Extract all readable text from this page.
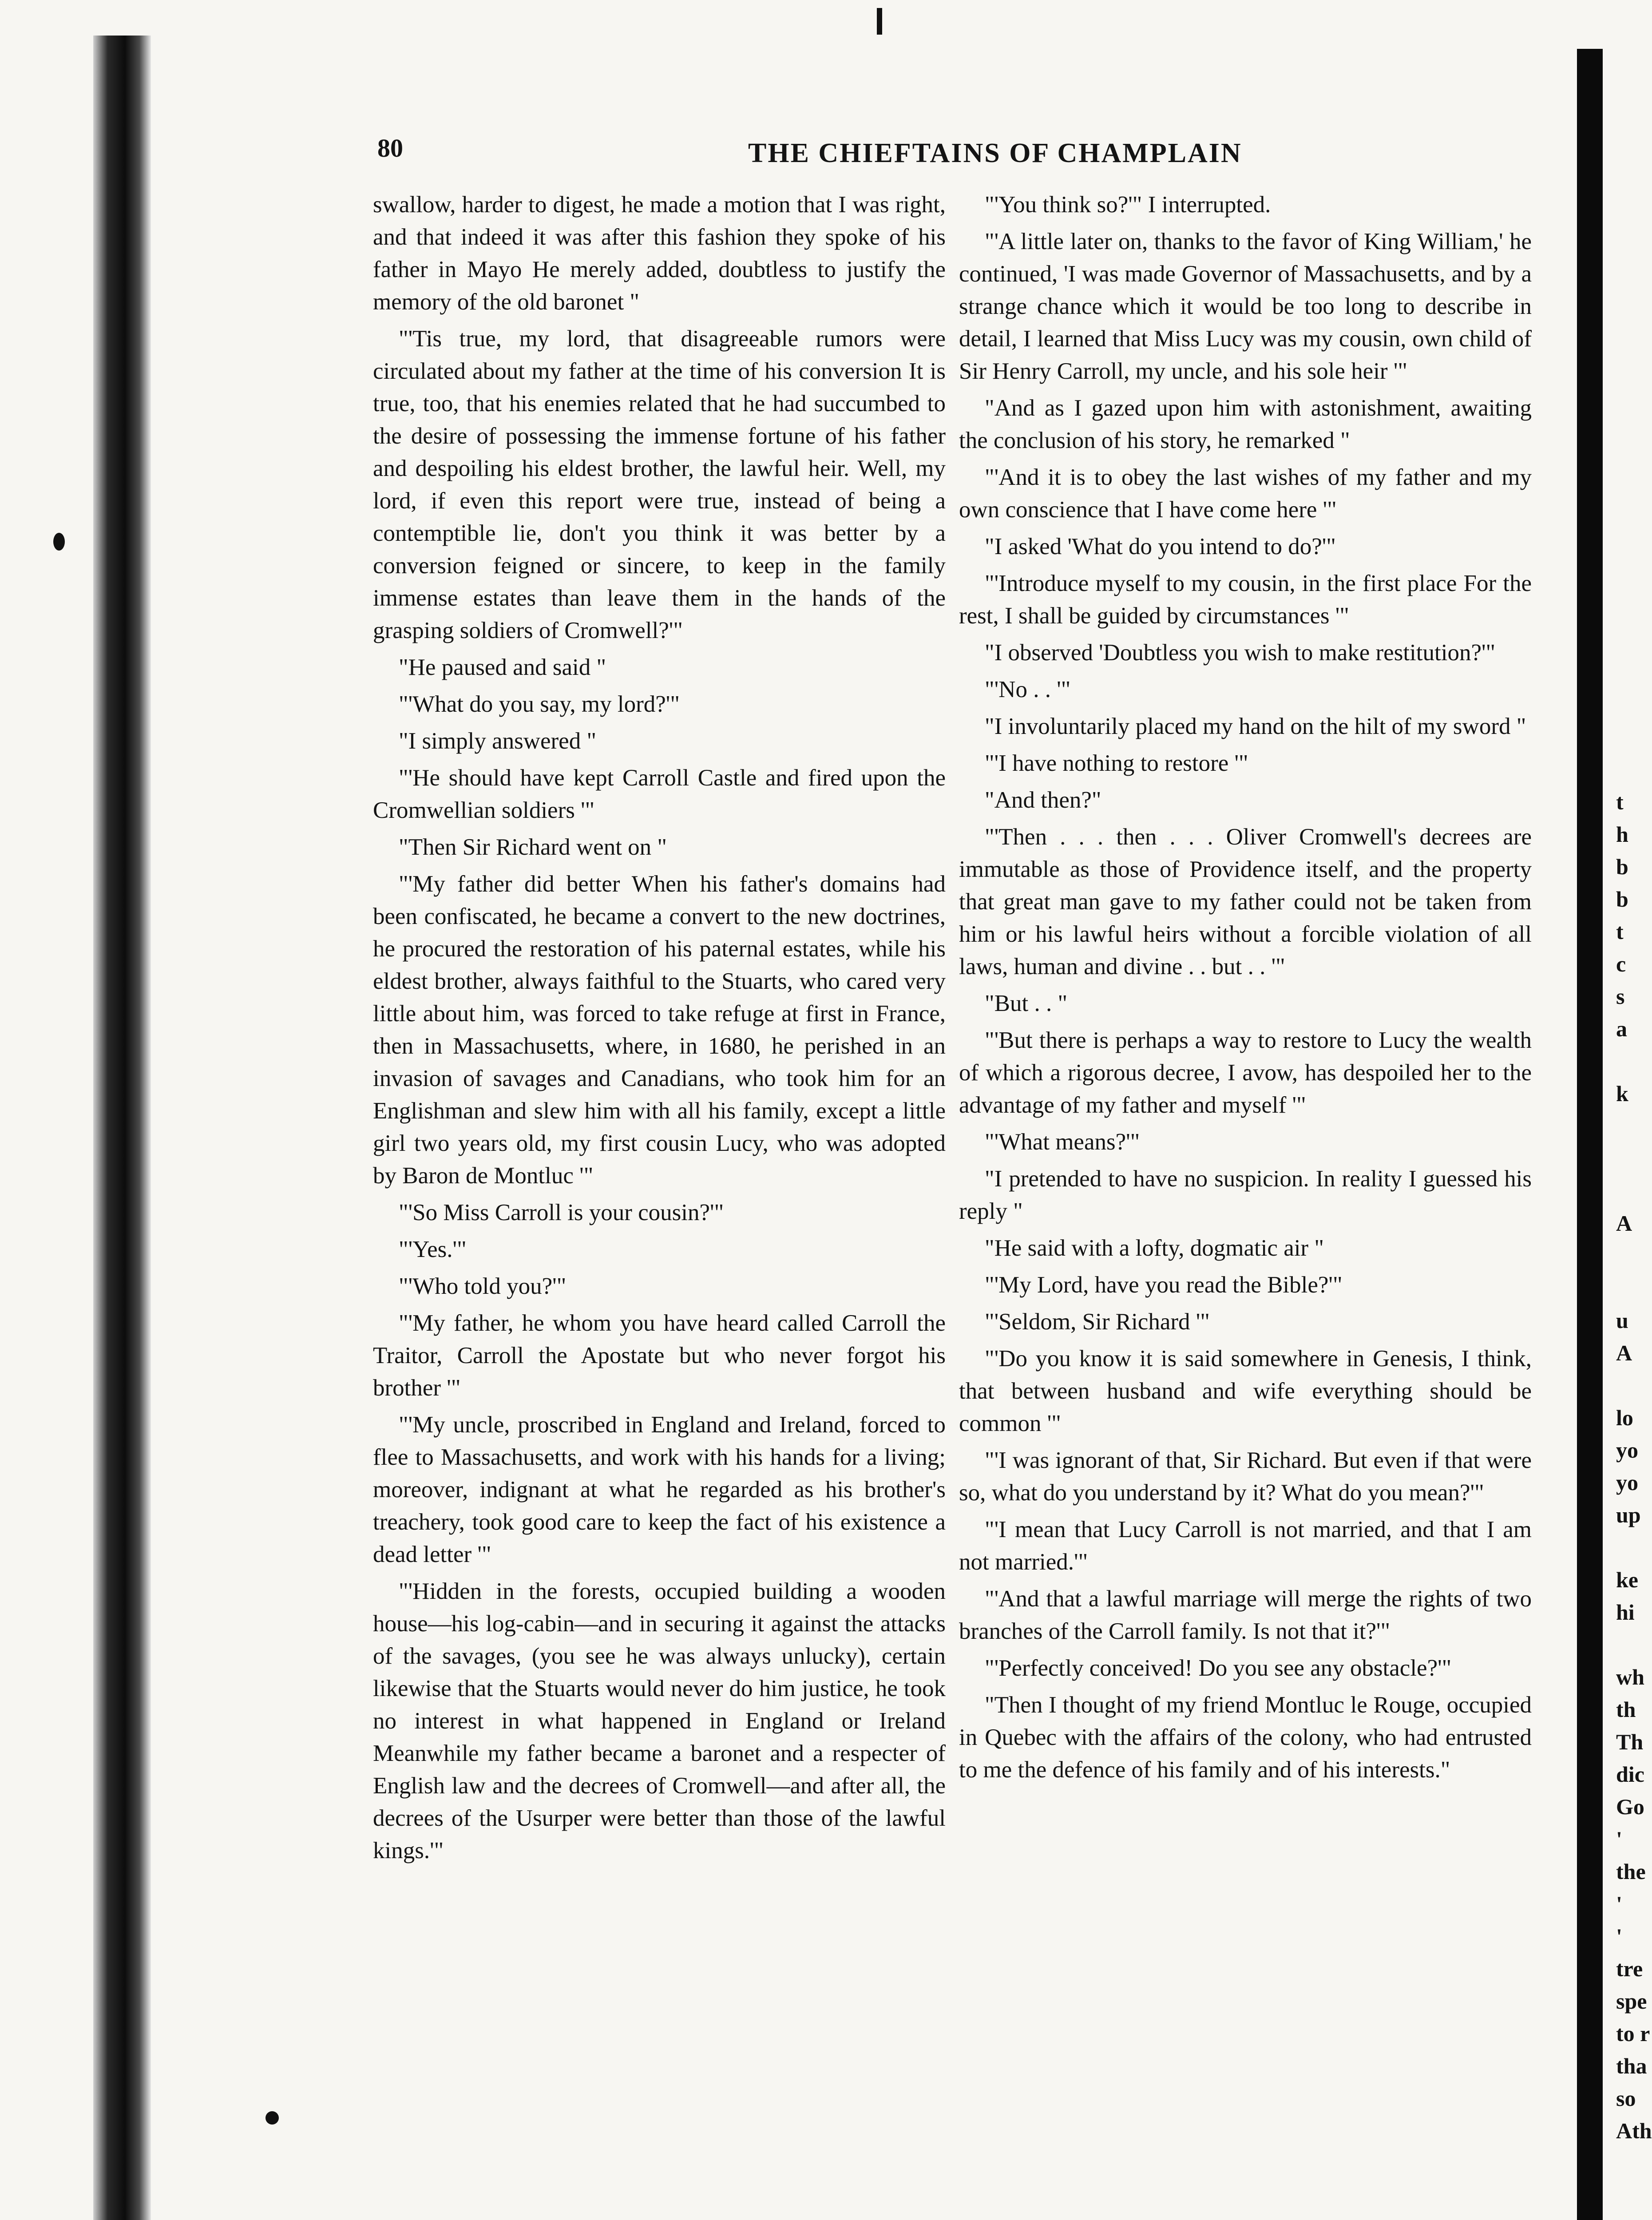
80	THE CHIEFTAINS OF CHAMPLAIN

swallow, harder to digest, he made a motion that I was right, and that indeed it was after this fashion they spoke of his father in Mayo He merely added, doubtless to justify the memory of the old baronet "

"'Tis true, my lord, that disagreeable rumors were circulated about my father at the time of his conversion It is true, too, that his enemies related that he had succumbed to the desire of possessing the immense fortune of his father and despoiling his eldest brother, the lawful heir. Well, my lord, if even this report were true, instead of being a contemptible lie, don't you think it was better by a conversion feigned or sincere, to keep in the family immense estates than leave them in the hands of the grasping soldiers of Cromwell?'"

"He paused and said "

"'What do you say, my lord?'"

"I simply answered "

"'He should have kept Carroll Castle and fired upon the Cromwellian soldiers '"

"Then Sir Richard went on "

"'My father did better When his father's domains had been confiscated, he became a convert to the new doctrines, he procured the restoration of his paternal estates, while his eldest brother, always faithful to the Stuarts, who cared very little about him, was forced to take refuge at first in France, then in Massachusetts, where, in 1680, he perished in an invasion of savages and Canadians, who took him for an Englishman and slew him with all his family, except a little girl two years old, my first cousin Lucy, who was adopted by Baron de Montluc '"

"'So Miss Carroll is your cousin?'"

"'Yes.'"

"'Who told you?'"

"'My father, he whom you have heard called Carroll the Traitor, Carroll the Apostate but who never forgot his brother '"

"'My uncle, proscribed in England and Ireland, forced to flee to Massachusetts, and work with his hands for a living; moreover, indignant at what he regarded as his brother's treachery, took good care to keep the fact of his existence a dead letter '"

"'Hidden in the forests, occupied building a wooden house—his log-cabin—and in securing it against the attacks of the savages, (you see he was always unlucky), certain likewise that the Stuarts would never do him justice, he took no interest in what happened in England or Ireland Meanwhile my father became a baronet and a respecter of English law and the decrees of Cromwell—and after all, the decrees of the Usurper were better than those of the lawful kings.'"

"'You think so?'" I interrupted.

"'A little later on, thanks to the favor of King William,' he continued, 'I was made Governor of Massachusetts, and by a strange chance which it would be too long to describe in detail, I learned that Miss Lucy was my cousin, own child of Sir Henry Carroll, my uncle, and his sole heir '"

"And as I gazed upon him with astonishment, awaiting the conclusion of his story, he remarked "

"'And it is to obey the last wishes of my father and my own conscience that I have come here '"

"I asked 'What do you intend to do?'"

"'Introduce myself to my cousin, in the first place For the rest, I shall be guided by circumstances '"

"I observed 'Doubtless you wish to make restitution?'"

"'No . . '"

"I involuntarily placed my hand on the hilt of my sword "

"'I have nothing to restore '"

"And then?"

"'Then . . . then . . . Oliver Cromwell's decrees are immutable as those of Providence itself, and the property that great man gave to my father could not be taken from him or his lawful heirs without a forcible violation of all laws, human and divine . . but . . '"

"But . . "

"'But there is perhaps a way to restore to Lucy the wealth of which a rigorous decree, I avow, has despoiled her to the advantage of my father and myself '"

"'What means?'"

"I pretended to have no suspicion. In reality I guessed his reply "

"He said with a lofty, dogmatic air "

"'My Lord, have you read the Bible?'"

"'Seldom, Sir Richard '"

"'Do you know it is said somewhere in Genesis, I think, that between husband and wife everything should be common '"

"'I was ignorant of that, Sir Richard. But even if that were so, what do you understand by it? What do you mean?'"

"'I mean that Lucy Carroll is not married, and that I am not married.'"

"'And that a lawful marriage will merge the rights of two branches of the Carroll family. Is not that it?'"

"'Perfectly conceived! Do you see any obstacle?'"

"Then I thought of my friend Montluc le Rouge, occupied in Quebec with the affairs of the colony, who had entrusted to me the defence of his family and of his interests."

t
h
b
b
t
c
s
a
k
A
u
A
lo
yo
yo
up
ke
hi
wh
th
Th
dic
Go
'
the
'
'
tre
spe
to r
tha
so
Ath
